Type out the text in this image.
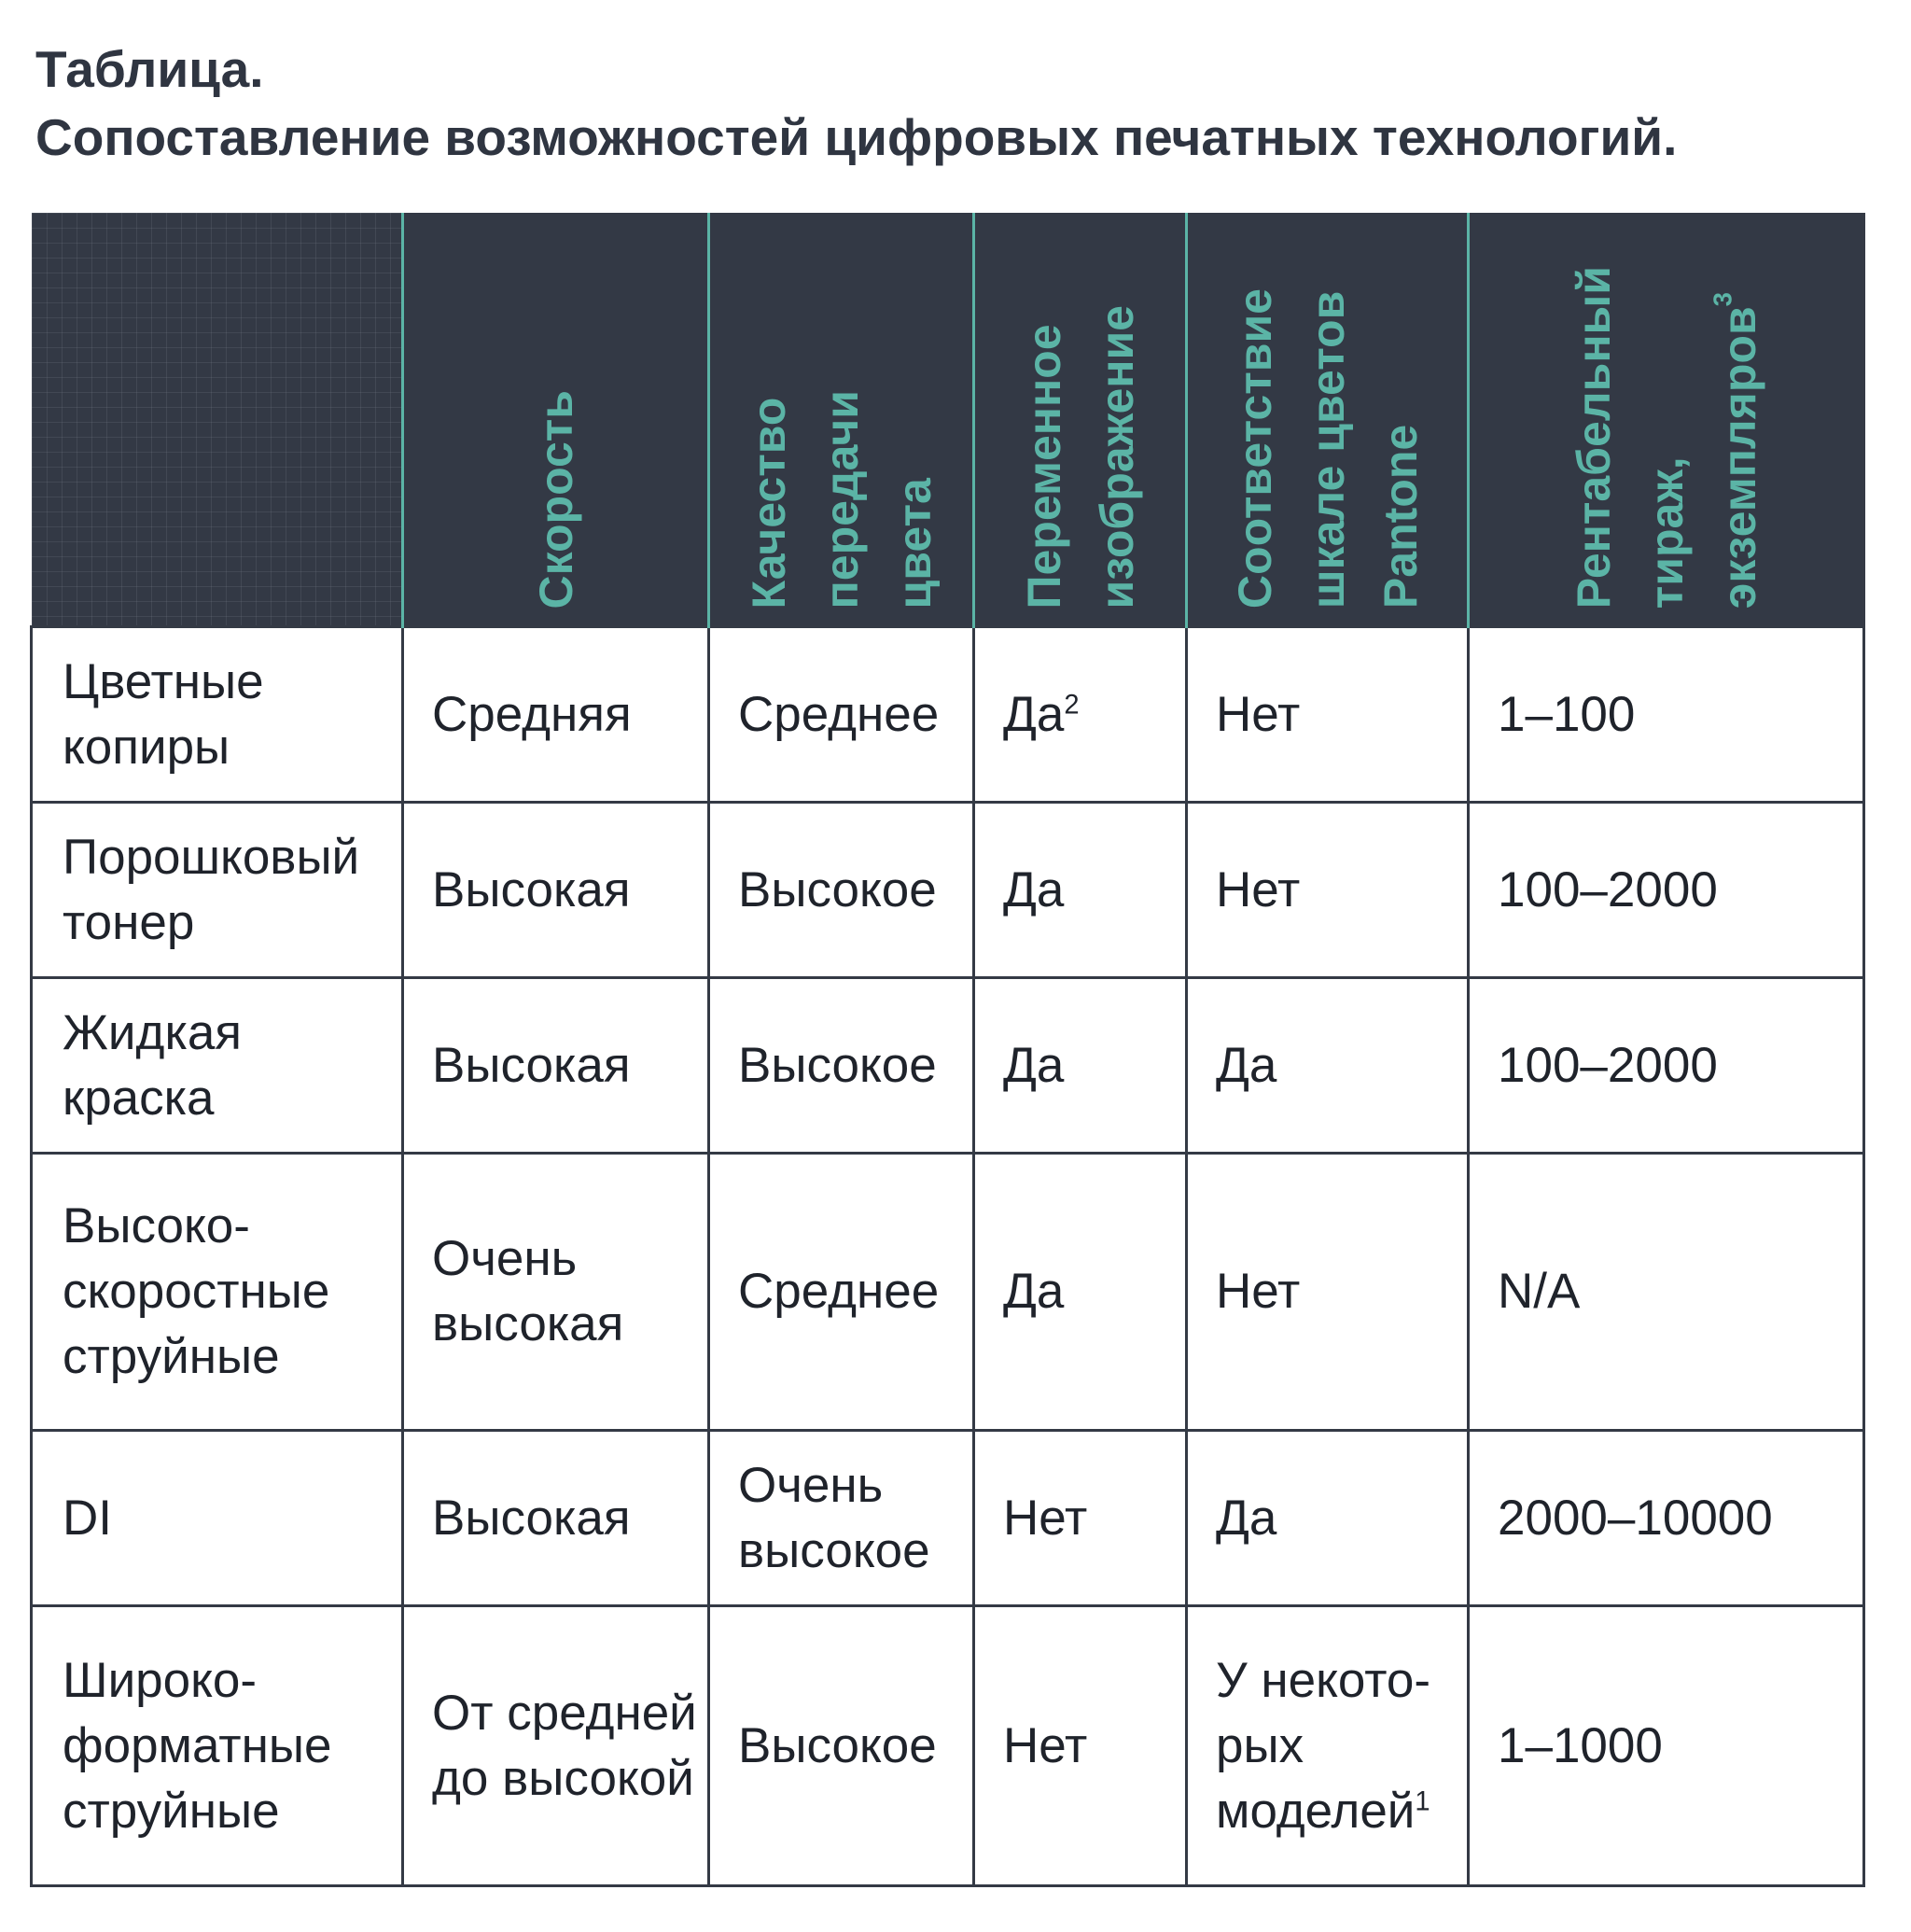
Таблица.
Сопоставление возможностей цифровых печатных технологий.

	Скорость	Качество
передачи
цвета	Переменное
изображение	Соответствие
шкале цветов
Pantone	Рентабельный
тираж,
экземпляров$^3$

Цветные
копиры	Средняя	Среднее	$Да^2$	Нет	1–100
Порошковый
тонер	Высокая	Высокое	Да	Нет	100–2000
Жидкая
краска	Высокая	Высокое	Да	Да	100–2000
Высоко-
скоростные
струйные	Очень
высокая	Среднее	Да	Нет	N/A
DI	Высокая	Очень
высокое	Нет	Да	2000–10000
Широко-
форматные
струйные	От средней
до высокой	Высокое	Нет	У некото-
рых
моделей$^1$	1–1000
